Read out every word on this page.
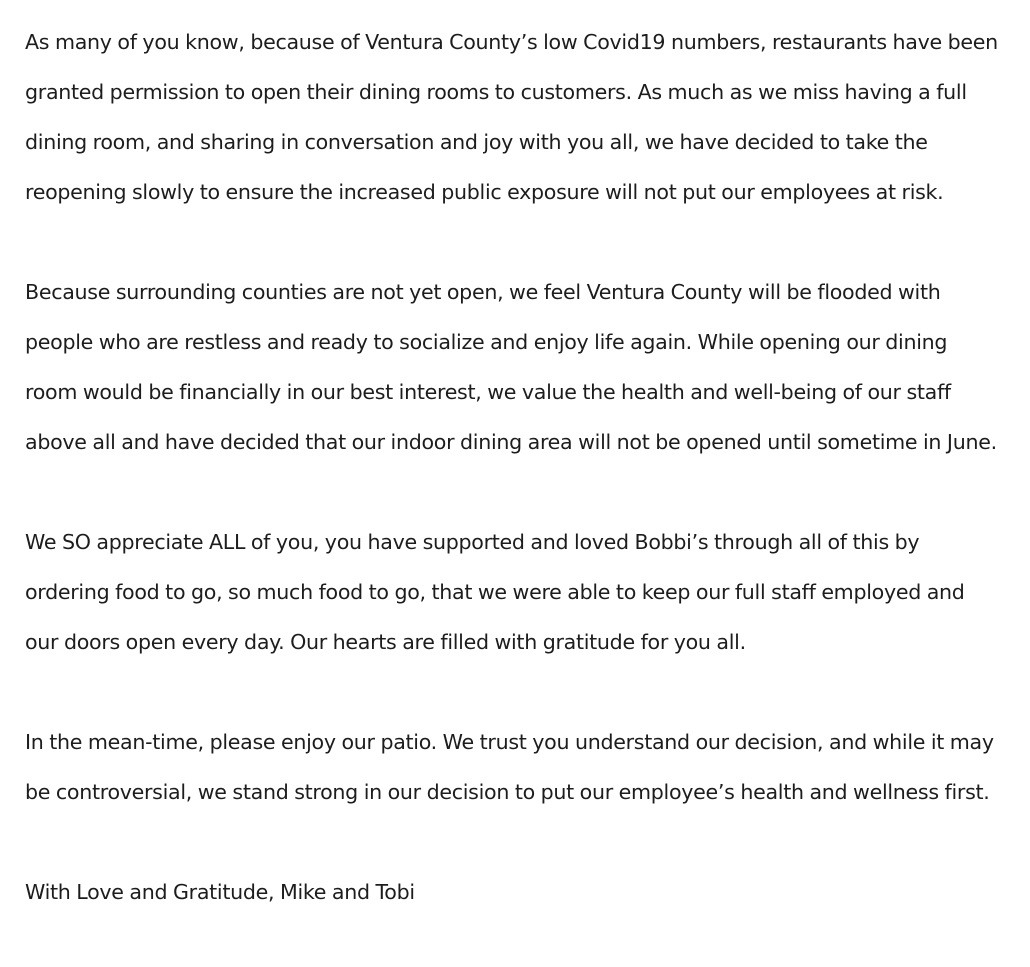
As many of you know, because of Ventura County’s low Covid19 numbers, restaurants have been
granted permission to open their dining rooms to customers. As much as we miss having a full
dining room, and sharing in conversation and joy with you all, we have decided to take the
reopening slowly to ensure the increased public exposure will not put our employees at risk.
Because surrounding counties are not yet open, we feel Ventura County will be flooded with
people who are restless and ready to socialize and enjoy life again. While opening our dining
room would be financially in our best interest, we value the health and well-being of our staff
above all and have decided that our indoor dining area will not be opened until sometime in June.
We SO appreciate ALL of you, you have supported and loved Bobbi’s through all of this by
ordering food to go, so much food to go, that we were able to keep our full staff employed and
our doors open every day. Our hearts are filled with gratitude for you all.
In the mean-time, please enjoy our patio. We trust you understand our decision, and while it may
be controversial, we stand strong in our decision to put our employee’s health and wellness first.
With Love and Gratitude, Mike and Tobi
